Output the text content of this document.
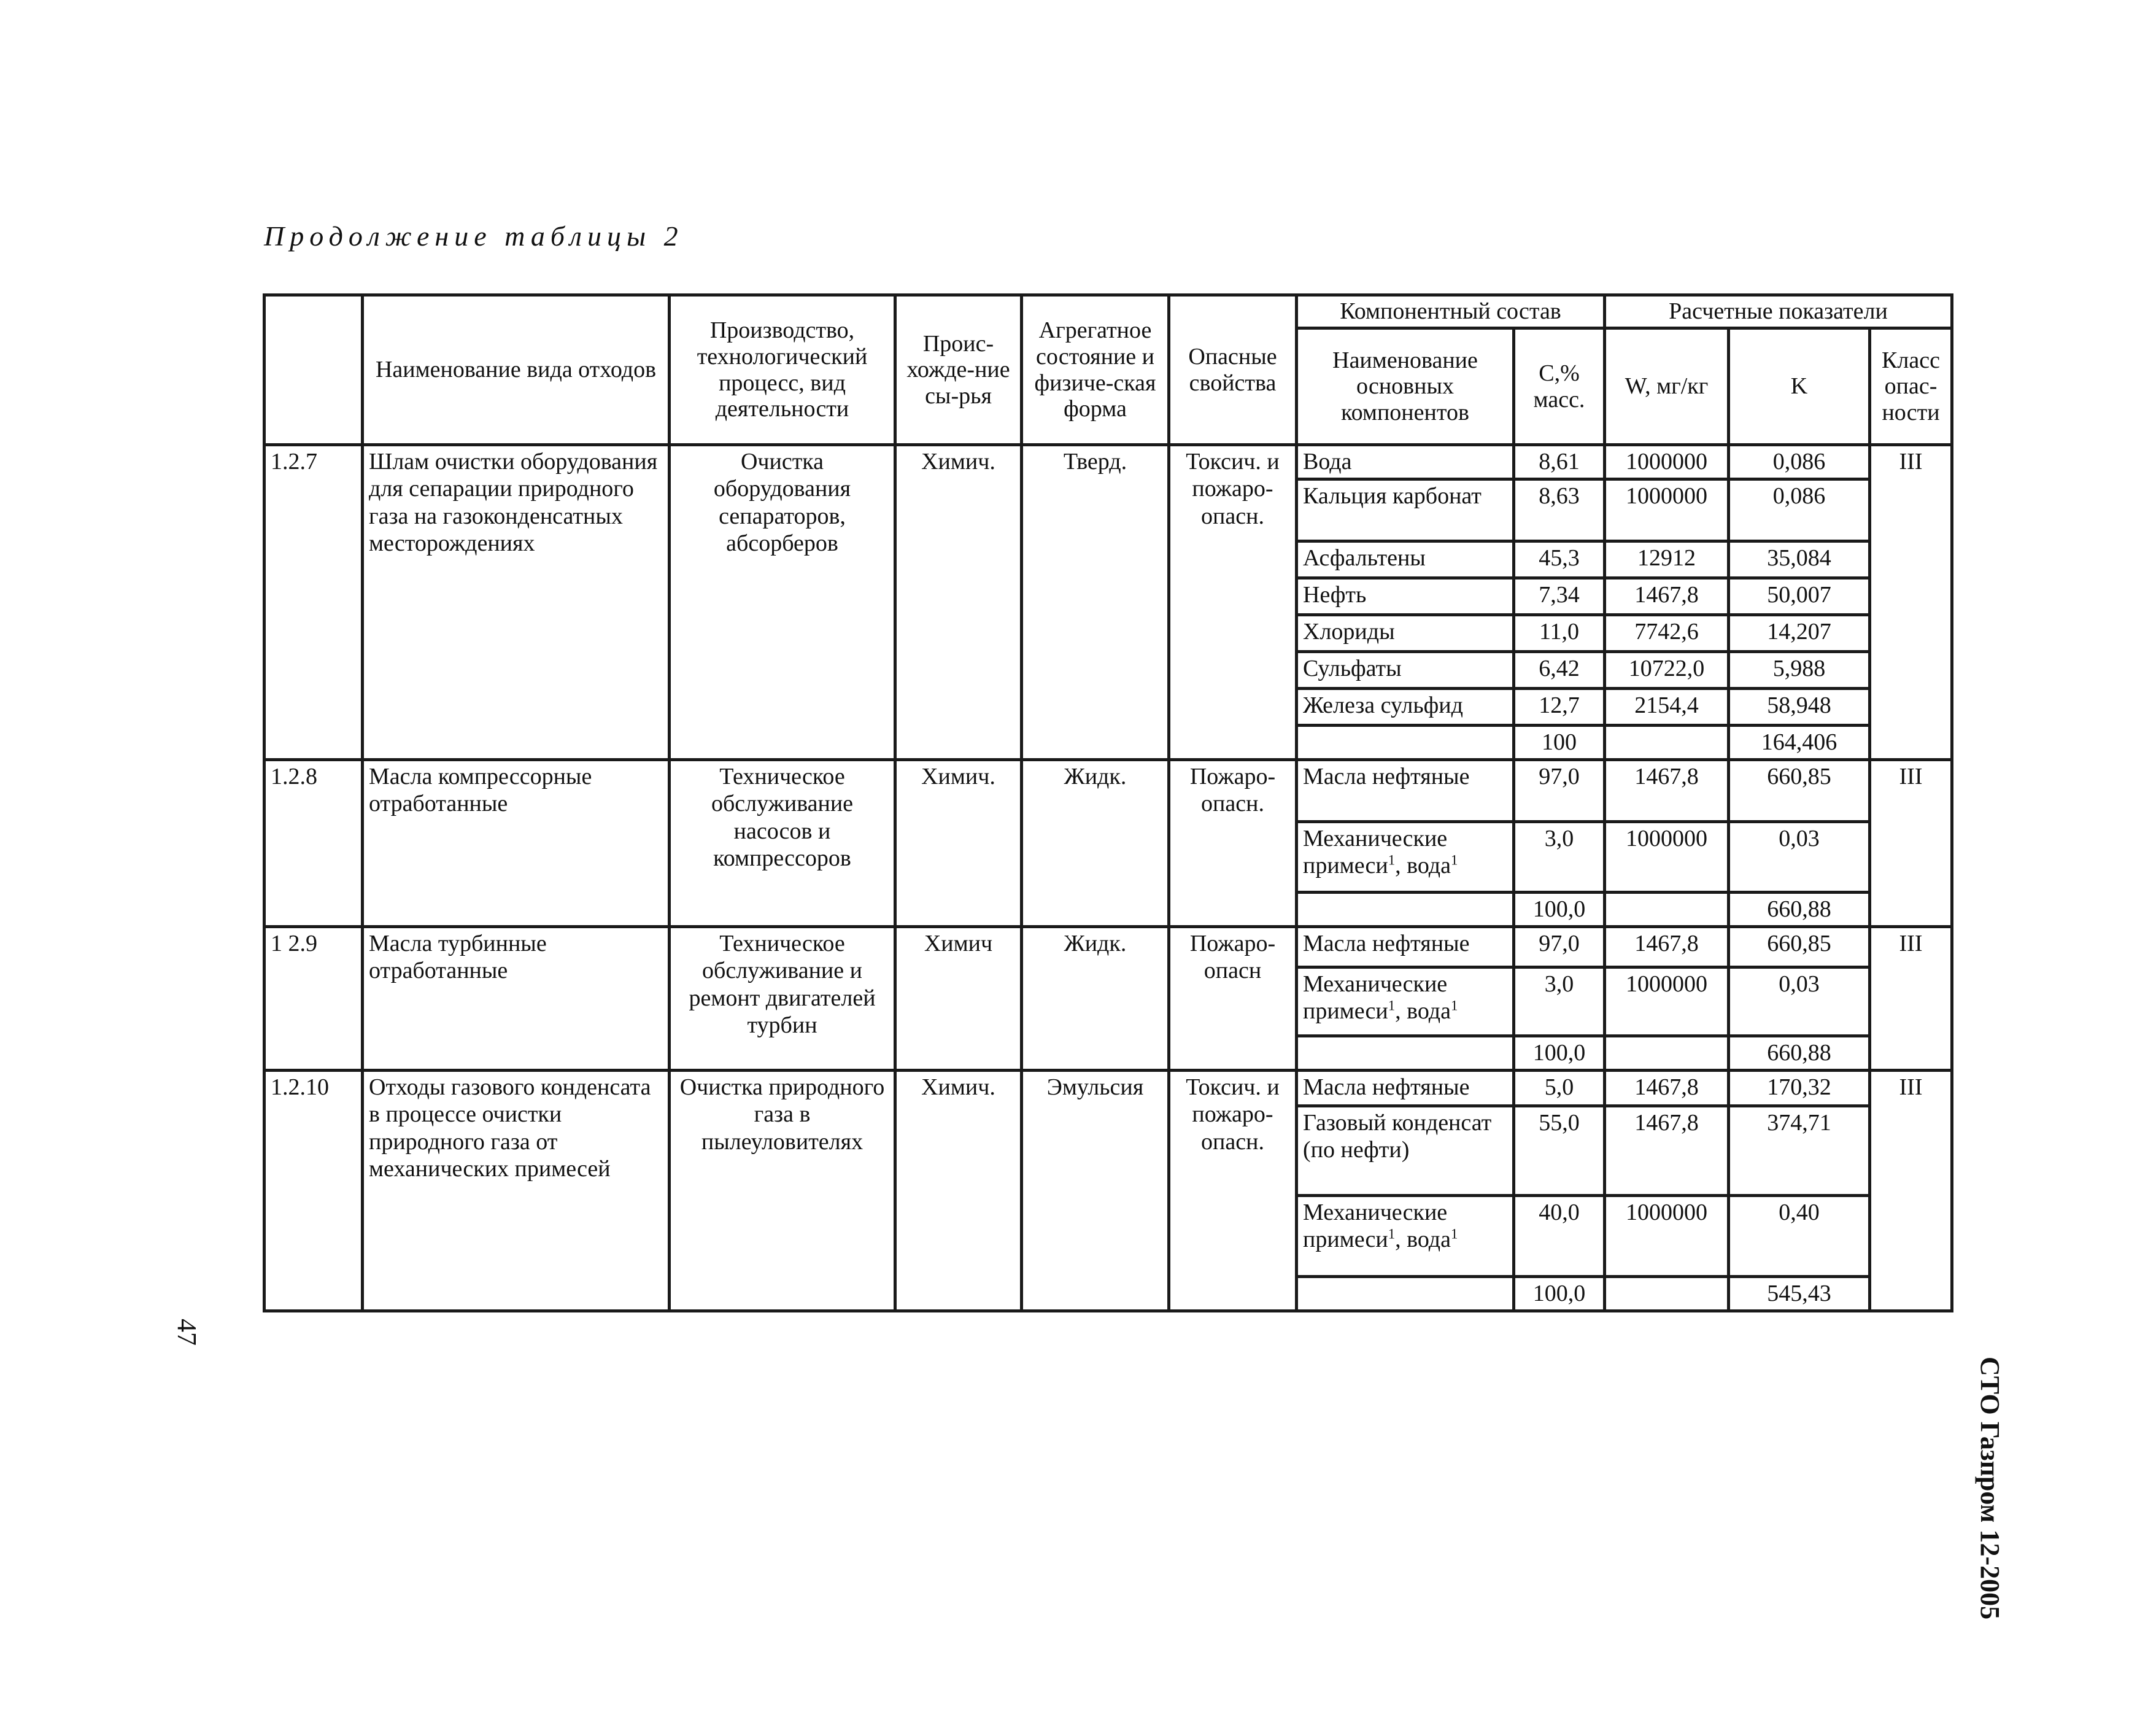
Продолжение таблицы 2
	Наименование вида отходов	Производство, технологический процесс, вид деятельности	Проис-хожде-ние сы-рья	Агрегатное состояние и физиче-ская форма	Опасные свойства	Компонентный состав		Расчетные показатели		
						Наименование основных компонентов	С,% масс.	W, мг/кг	K	Класс опас-ности
1.2.7	Шлам очистки оборудования для сепарации природного газа на газоконденсатных месторождениях	Очистка оборудования сепараторов, абсорберов	Химич.	Тверд.	Токсич. и пожаро-опасн.	Вода	8,61	1000000	0,086	III
						Кальция карбонат	8,63	1000000	0,086	
						Асфальтены	45,3	12912	35,084	
						Нефть	7,34	1467,8	50,007	
						Хлориды	11,0	7742,6	14,207	
						Сульфаты	6,42	10722,0	5,988	
						Железа сульфид	12,7	2154,4	58,948	
							100		164,406	
1.2.8	Масла компрессорные отработанные	Техническое обслуживание насосов и компрессоров	Химич.	Жидк.	Пожаро-опасн.	Масла нефтяные	97,0	1467,8	660,85	III
						Механические примеси$^1$, вода$^1$	3,0	1000000	0,03	
							100,0		660,88	
1 2.9	Масла турбинные отработанные	Техническое обслуживание и ремонт двигателей турбин	Химич	Жидк.	Пожаро-опасн	Масла нефтяные	97,0	1467,8	660,85	III
						Механические примеси$^1$, вода$^1$	3,0	1000000	0,03	
							100,0		660,88	
1.2.10	Отходы газового конденсата в процессе очистки природного газа от механических примесей	Очистка природного газа в пылеуловителях	Химич.	Эмульсия	Токсич. и пожаро-опасн.	Масла нефтяные	5,0	1467,8	170,32	III
						Газовый конденсат (по нефти)	55,0	1467,8	374,71	
						Механические примеси$^1$, вода$^1$	40,0	1000000	0,40	
							100,0		545,43	
СТО Газпром 12-2005
47
